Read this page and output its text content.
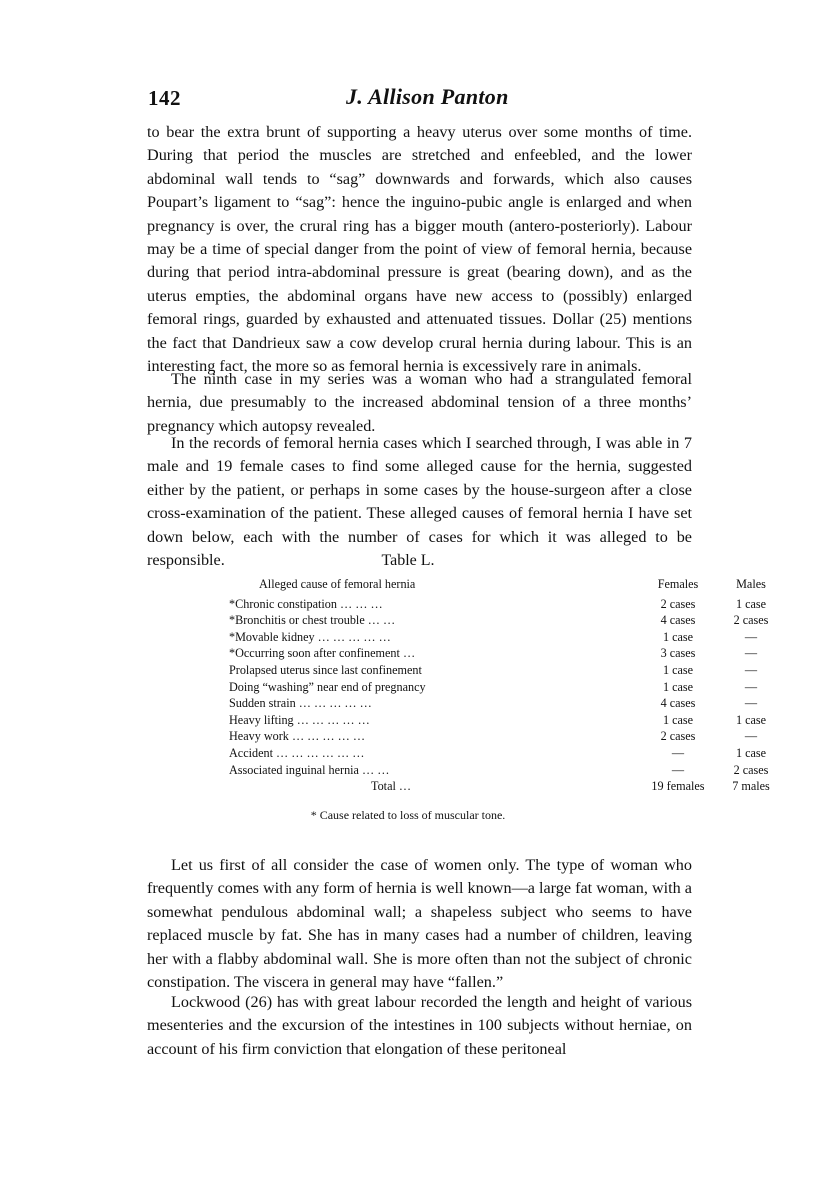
142	J. Allison Panton

to bear the extra brunt of supporting a heavy uterus over some months of time. During that period the muscles are stretched and enfeebled, and the lower abdominal wall tends to “sag” downwards and forwards, which also causes Poupart’s ligament to “sag”: hence the inguino-pubic angle is enlarged and when pregnancy is over, the crural ring has a bigger mouth (antero-posteriorly). Labour may be a time of special danger from the point of view of femoral hernia, because during that period intra-abdominal pressure is great (bearing down), and as the uterus empties, the abdominal organs have new access to (possibly) enlarged femoral rings, guarded by exhausted and attenuated tissues. Dollar (25) mentions the fact that Dandrieux saw a cow develop crural hernia during labour. This is an interesting fact, the more so as femoral hernia is excessively rare in animals.

The ninth case in my series was a woman who had a strangulated femoral hernia, due presumably to the increased abdominal tension of a three months’ pregnancy which autopsy revealed.

In the records of femoral hernia cases which I searched through, I was able in 7 male and 19 female cases to find some alleged cause for the hernia, suggested either by the patient, or perhaps in some cases by the house-surgeon after a close cross-examination of the patient. These alleged causes of femoral hernia I have set down below, each with the number of cases for which it was alleged to be responsible.	Table L.
Alleged cause of femoral hernia	Females	Males
*Chronic constipation … … …	2 cases	1 case
*Bronchitis or chest trouble … …	4 cases	2 cases
*Movable kidney … … … … …	1 case	—
*Occurring soon after confinement …	3 cases	—
Prolapsed uterus since last confinement	1 case	—
Doing “washing” near end of pregnancy	1 case	—
Sudden strain … … … … …	4 cases	—
Heavy lifting … … … … …	1 case	1 case
Heavy work … … … … …	2 cases	—
Accident … … … … … …	—	1 case
Associated inguinal hernia … …	—	2 cases
Total …	19 females	7 males
* Cause related to loss of muscular tone.

Let us first of all consider the case of women only. The type of woman who frequently comes with any form of hernia is well known—a large fat woman, with a somewhat pendulous abdominal wall; a shapeless subject who seems to have replaced muscle by fat. She has in many cases had a number of children, leaving her with a flabby abdominal wall. She is more often than not the subject of chronic constipation. The viscera in general may have “fallen.”

Lockwood (26) has with great labour recorded the length and height of various mesenteries and the excursion of the intestines in 100 subjects without herniae, on account of his firm conviction that elongation of these peritoneal
